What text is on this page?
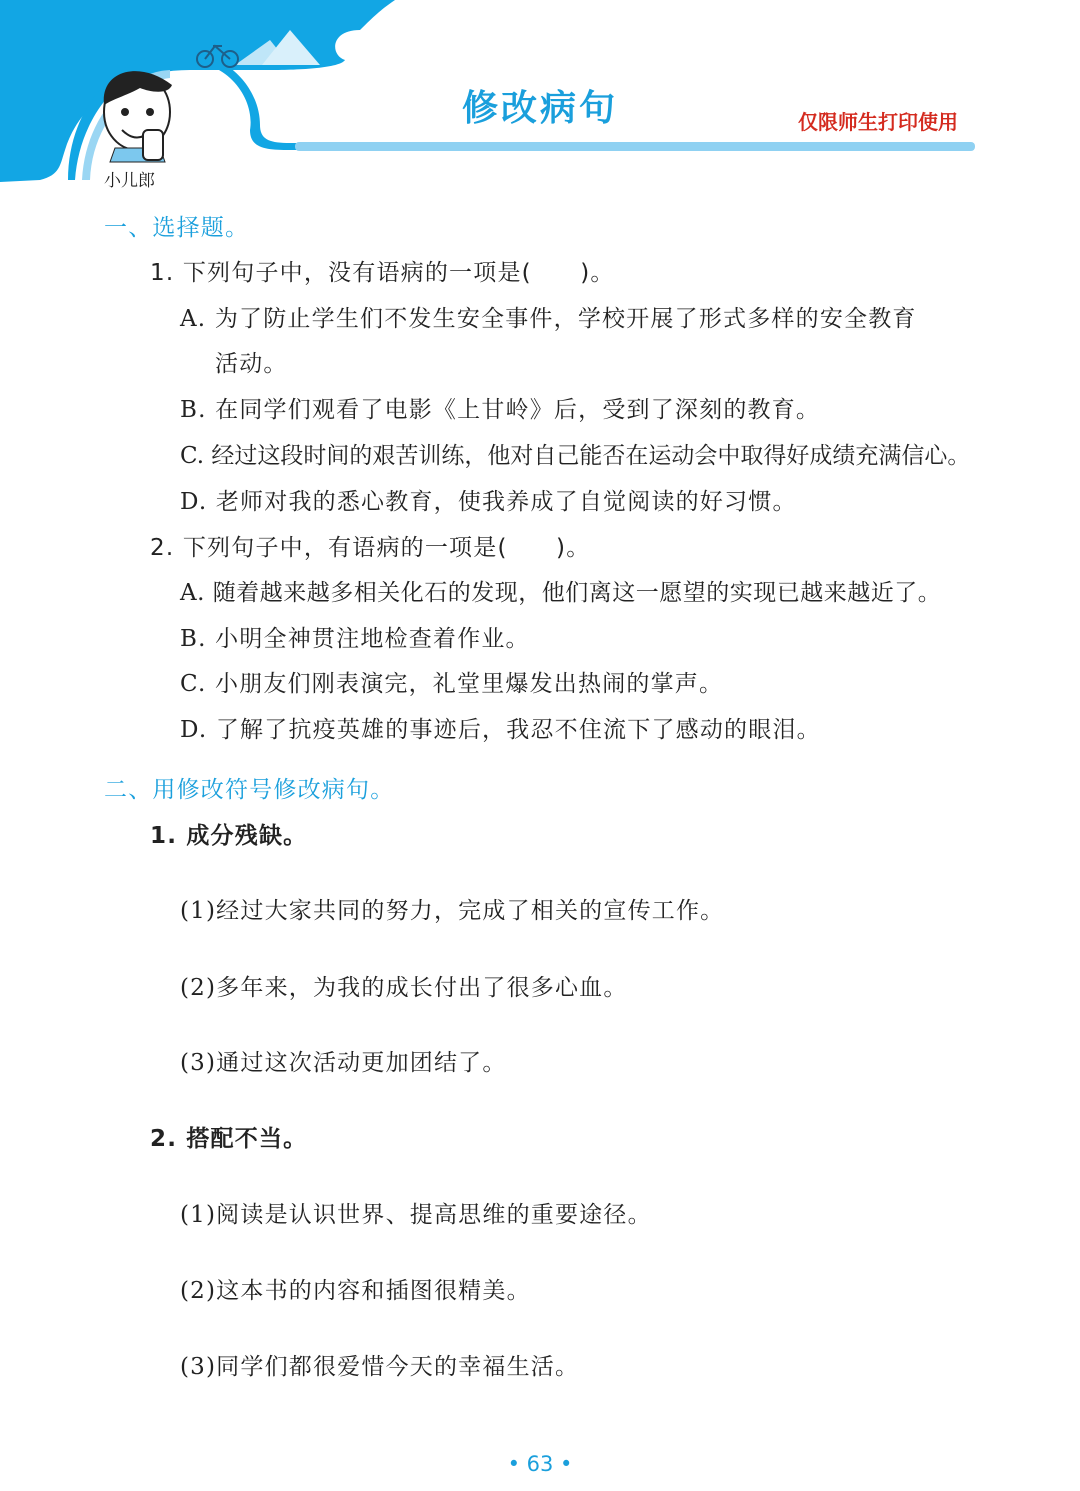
修改病句	仅限师生打印使用
小儿郎
一、选择题。
1. 下列句子中，没有语病的一项是(　　)。
A. 为了防止学生们不发生安全事件，学校开展了形式多样的安全教育
活动。
B. 在同学们观看了电影《上甘岭》后，受到了深刻的教育。
C. 经过这段时间的艰苦训练，他对自己能否在运动会中取得好成绩充满信心。
D. 老师对我的悉心教育，使我养成了自觉阅读的好习惯。
2. 下列句子中，有语病的一项是(　　)。
A. 随着越来越多相关化石的发现，他们离这一愿望的实现已越来越近了。
B. 小明全神贯注地检查着作业。
C. 小朋友们刚表演完，礼堂里爆发出热闹的掌声。
D. 了解了抗疫英雄的事迹后，我忍不住流下了感动的眼泪。
二、用修改符号修改病句。
1. 成分残缺。
(1)经过大家共同的努力，完成了相关的宣传工作。
(2)多年来，为我的成长付出了很多心血。
(3)通过这次活动更加团结了。
2. 搭配不当。
(1)阅读是认识世界、提高思维的重要途径。
(2)这本书的内容和插图很精美。
(3)同学们都很爱惜今天的幸福生活。
• 63 •
